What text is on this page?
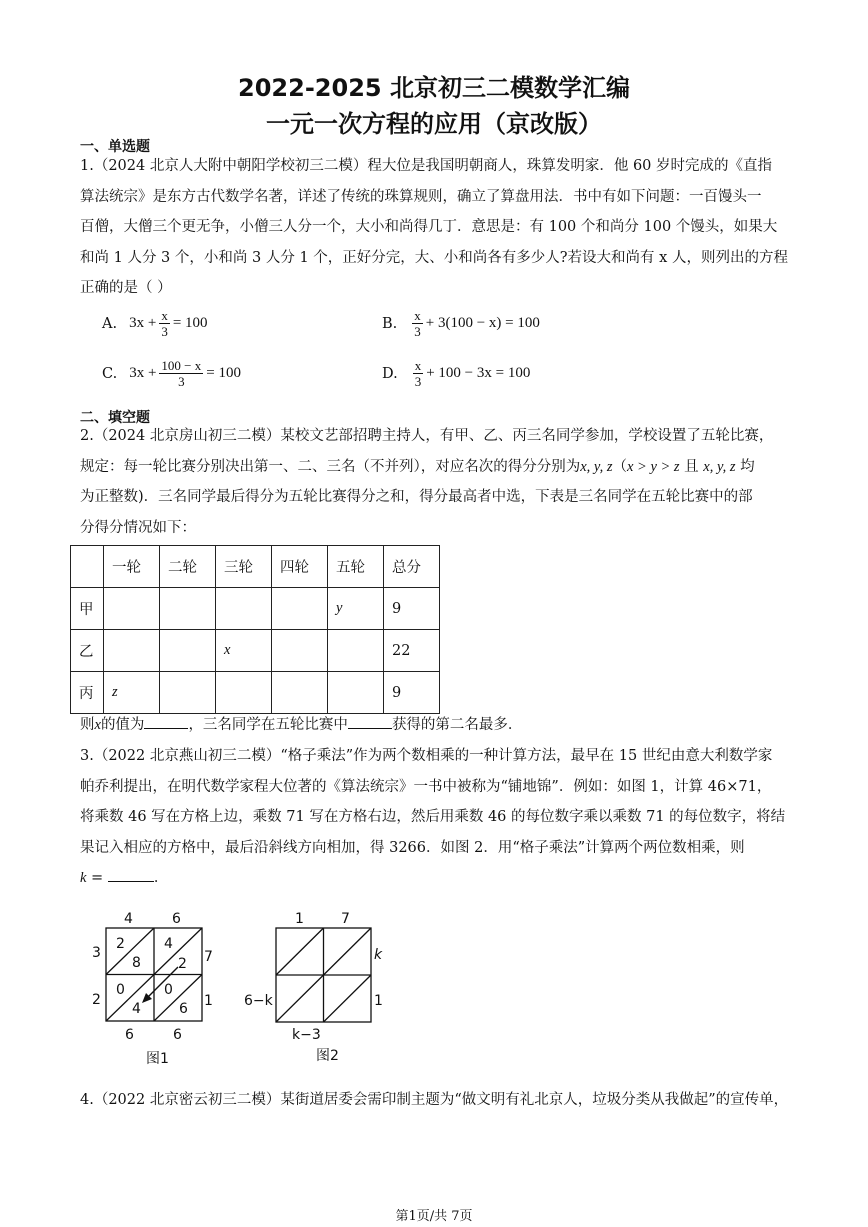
2022-2025 北京初三二模数学汇编
一元一次方程的应用（京改版）
一、单选题
1.（2024 北京人大附中朝阳学校初三二模）程大位是我国明朝商人，珠算发明家．他 60 岁时完成的《直指
算法统宗》是东方古代数学名著，详述了传统的珠算规则，确立了算盘用法．书中有如下问题：一百馒头一
百僧，大僧三个更无争，小僧三人分一个，大小和尚得几丁．意思是：有 100 个和尚分 100 个馒头，如果大
和尚 1 人分 3 个，小和尚 3 人分 1 个，正好分完，大、小和尚各有多少人?若设大和尚有 x 人，则列出的方程
正确的是（ ）
A. $3x + \frac{x}{3} = 100$	B. $\frac{x}{3} + 3(100 - x) = 100$
C. $3x + \frac{100 - x}{3} = 100$	D. $\frac{x}{3} + 100 - 3x = 100$
二、填空题
2.（2024 北京房山初三二模）某校文艺部招聘主持人，有甲、乙、丙三名同学参加，学校设置了五轮比赛，
规定：每一轮比赛分别决出第一、二、三名（不并列），对应名次的得分分别为x, y, z（x > y > z 且 x, y, z 均
为正整数)．三名同学最后得分为五轮比赛得分之和，得分最高者中选，下表是三名同学在五轮比赛中的部
分得分情况如下：
	一轮	二轮	三轮	四轮	五轮	总分
甲					y	9
乙			x			22
丙	z					9
则x的值为	，三名同学在五轮比赛中	获得的第二名最多．
3.（2022 北京燕山初三二模）“格子乘法”作为两个数相乘的一种计算方法，最早在 15 世纪由意大利数学家
帕乔利提出，在明代数学家程大位著的《算法统宗》一书中被称为“铺地锦”．例如：如图 1，计算 46×71，
将乘数 46 写在方格上边，乘数 71 写在方格右边，然后用乘数 46 的每位数字乘以乘数 71 的每位数字，将结
果记入相应的方格中，最后沿斜线方向相加，得 3266．如图 2．用“格子乘法”计算两个两位数相乘，则
k =	．
4	6
3
2
7
1
6	6
2
8
4
2
0
4
0
6
图1
1	7
k
1
6−k
k−3
图2
4.（2022 北京密云初三二模）某街道居委会需印制主题为“做文明有礼北京人，垃圾分类从我做起”的宣传单，
第1页/共 7页
